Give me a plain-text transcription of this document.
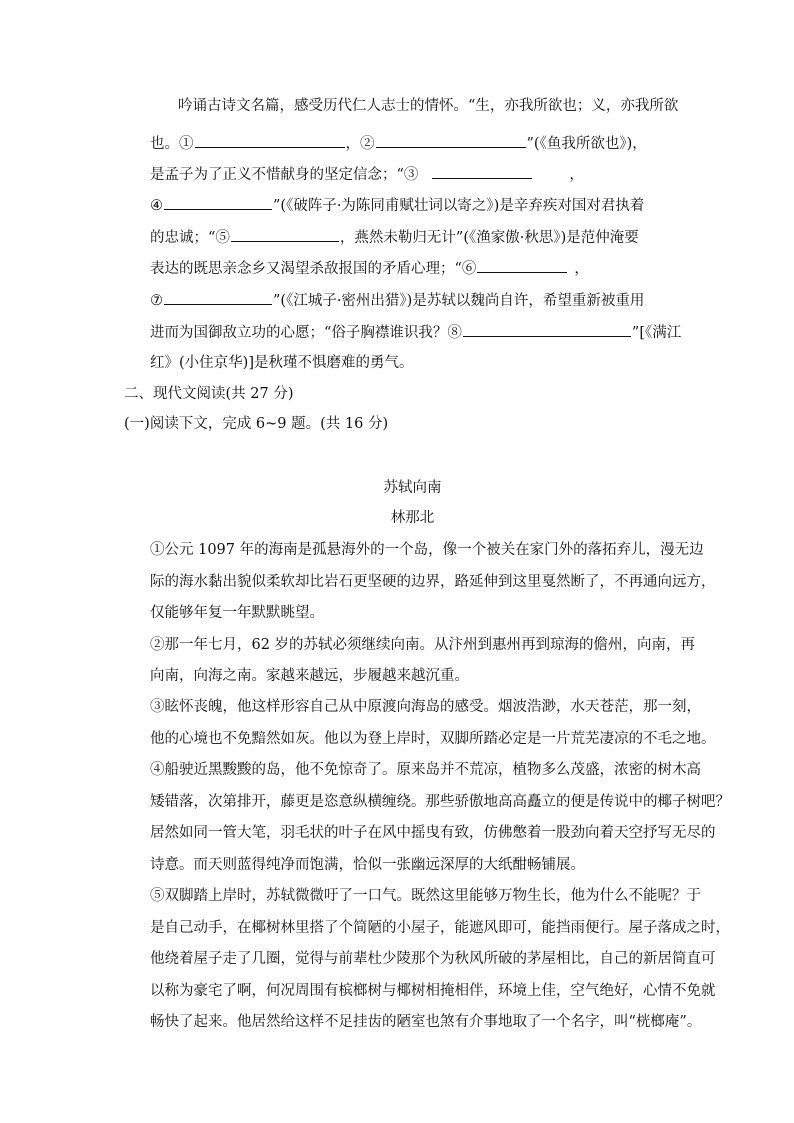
吟诵古诗文名篇，感受历代仁人志士的情怀。“生，亦我所欲也；义，亦我所欲
也。①	，②	”(《鱼我所欲也》)，
是孟子为了正义不惜献身的坚定信念；“③	，
④	”(《破阵子·为陈同甫赋壮词以寄之》)是辛弃疾对国对君执着
的忠诚；“⑤	，燕然未勒归无计”(《渔家傲·秋思》)是范仲淹要
表达的既思亲念乡又渴望杀敌报国的矛盾心理；“⑥	，
⑦	”(《江城子·密州出猎》)是苏轼以魏尚自许，希望重新被重用
进而为国御敌立功的心愿；“俗子胸襟谁识我？⑧	”[《满江
红》(小住京华)]是秋瑾不惧磨难的勇气。
二、现代文阅读(共 27 分)
(一)阅读下文，完成 6~9 题。(共 16 分)
苏轼向南
林那北
①公元 1097 年的海南是孤悬海外的一个岛，像一个被关在家门外的落拓弃儿，漫无边
际的海水黏出貌似柔软却比岩石更坚硬的边界，路延伸到这里戛然断了，不再通向远方，
仅能够年复一年默默眺望。
②那一年七月，62 岁的苏轼必须继续向南。从汴州到惠州再到琼海的儋州，向南，再
向南，向海之南。家越来越远，步履越来越沉重。
③眩怀丧魄，他这样形容自己从中原渡向海岛的感受。烟波浩渺，水天苍茫，那一刻，
他的心境也不免黯然如灰。他以为登上岸时，双脚所踏必定是一片荒芜凄凉的不毛之地。
④船驶近黑黢黢的岛，他不免惊奇了。原来岛并不荒凉，植物多么茂盛，浓密的树木高
矮错落，次第排开，藤更是恣意纵横缠绕。那些骄傲地高高矗立的便是传说中的椰子树吧？
居然如同一管大笔，羽毛状的叶子在风中摇曳有致，仿佛憋着一股劲向着天空抒写无尽的
诗意。而天则蓝得纯净而饱满，恰似一张幽远深厚的大纸酣畅铺展。
⑤双脚踏上岸时，苏轼微微吁了一口气。既然这里能够万物生长，他为什么不能呢？于
是自己动手，在椰树林里搭了个简陋的小屋子，能遮风即可，能挡雨便行。屋子落成之时，
他绕着屋子走了几圈，觉得与前辈杜少陵那个为秋风所破的茅屋相比，自己的新居简直可
以称为豪宅了啊，何况周围有槟榔树与椰树相掩相伴，环境上佳，空气绝好，心情不免就
畅快了起来。他居然给这样不足挂齿的陋室也煞有介事地取了一个名字，叫“桄榔庵”。
